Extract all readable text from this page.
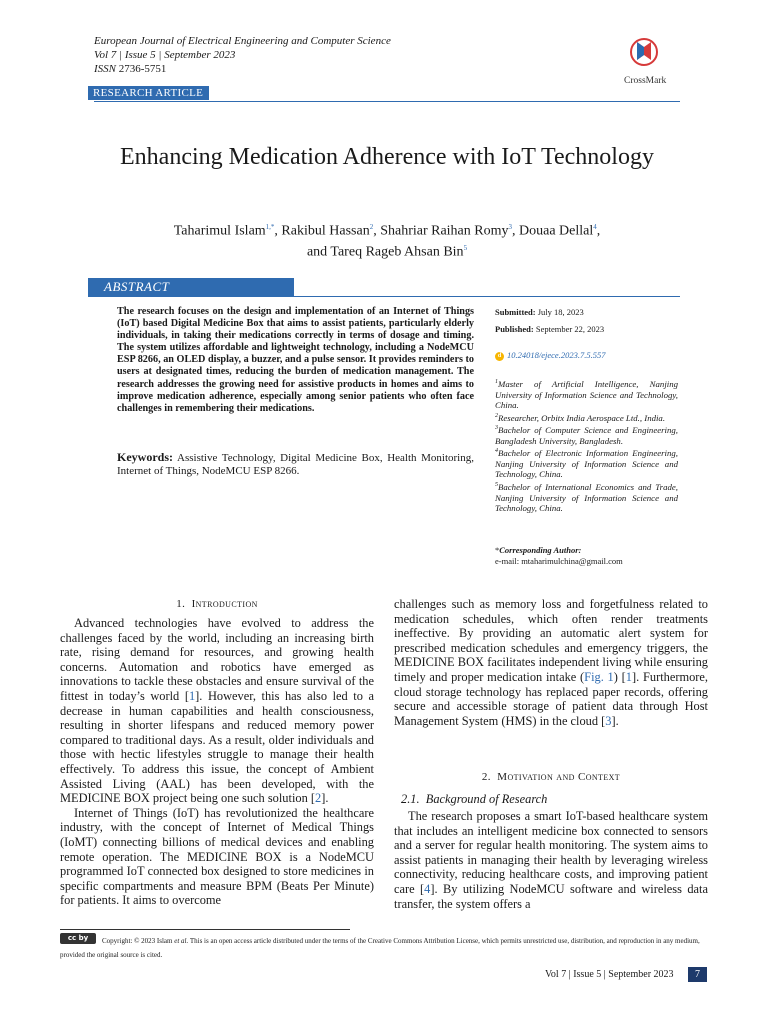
European Journal of Electrical Engineering and Computer Science
Vol 7 | Issue 5 | September 2023
ISSN 2736-5751
CrossMark
RESEARCH ARTICLE
Enhancing Medication Adherence with IoT Technology
Taharimul Islam$^{1,*}$, Rakibul Hassan$^2$, Shahriar Raihan Romy$^3$, Douaa Dellal$^4$,
and Tareq Rageb Ahsan Bin$^5$
ABSTRACT
The research focuses on the design and implementation of an Internet of Things (IoT) based Digital Medicine Box that aims to assist patients, particularly elderly individuals, in taking their medications correctly in terms of dosage and timing. The system utilizes affordable and lightweight technology, including a NodeMCU ESP 8266, an OLED display, a buzzer, and a pulse sensor. It provides reminders to users at designated times, reducing the burden of medication management. The research addresses the growing need for assistive products in homes and aims to improve medication adherence, especially among senior patients who often face challenges in remembering their medications.
Keywords: Assistive Technology, Digital Medicine Box, Health Monitoring, Internet of Things, NodeMCU ESP 8266.
Submitted: July 18, 2023
Published: September 22, 2023
d 10.24018/ejece.2023.7.5.557
$^1$Master of Artificial Intelligence, Nanjing University of Information Science and Technology, China.
$^2$Researcher, Orbitx India Aerospace Ltd., India.
$^3$Bachelor of Computer Science and Engineering, Bangladesh University, Bangladesh.
$^4$Bachelor of Electronic Information Engineering, Nanjing University of Information Science and Technology, China.
$^5$Bachelor of International Economics and Trade, Nanjing University of Information Science and Technology, China.
*Corresponding Author:
e-mail: mtaharimulchina@gmail.com
1. Introduction

Advanced technologies have evolved to address the challenges faced by the world, including an increasing birth rate, rising demand for resources, and growing health concerns. Automation and robotics have emerged as innovations to tackle these obstacles and ensure survival of the fittest in today’s world [1]. However, this has also led to a decrease in human capabilities and health consciousness, resulting in shorter lifespans and reduced memory power compared to traditional days. As a result, older individuals and those with hectic lifestyles struggle to manage their health effectively. To address this issue, the concept of Ambient Assisted Living (AAL) has been developed, with the MEDICINE BOX project being one such solution [2].

Internet of Things (IoT) has revolutionized the healthcare industry, with the concept of Internet of Medical Things (IoMT) connecting billions of medical devices and enabling remote operation. The MEDICINE BOX is a NodeMCU programmed IoT connected box designed to store medicines in specific compartments and measure BPM (Beats Per Minute) for patients. It aims to overcome

challenges such as memory loss and forgetfulness related to medication schedules, which often render treatments ineffective. By providing an automatic alert system for prescribed medication schedules and emergency triggers, the MEDICINE BOX facilitates independent living while ensuring timely and proper medication intake (Fig. 1) [1]. Furthermore, cloud storage technology has replaced paper records, offering secure and accessible storage of patient data through Host Management System (HMS) in the cloud [3].

2. Motivation and Context
2.1. Background of Research

The research proposes a smart IoT-based healthcare system that includes an intelligent medicine box connected to sensors and a server for regular health monitoring. The system aims to assist patients in managing their health by leveraging wireless connectivity, reducing healthcare costs, and improving patient care [4]. By utilizing NodeMCU software and wireless data transfer, the system offers a

cc by	Copyright: © 2023 Islam et al. This is an open access article distributed under the terms of the Creative Commons Attribution License, which permits unrestricted use, distribution, and reproduction in any medium, provided the original source is cited.
Vol 7 | Issue 5 | September 2023	7
